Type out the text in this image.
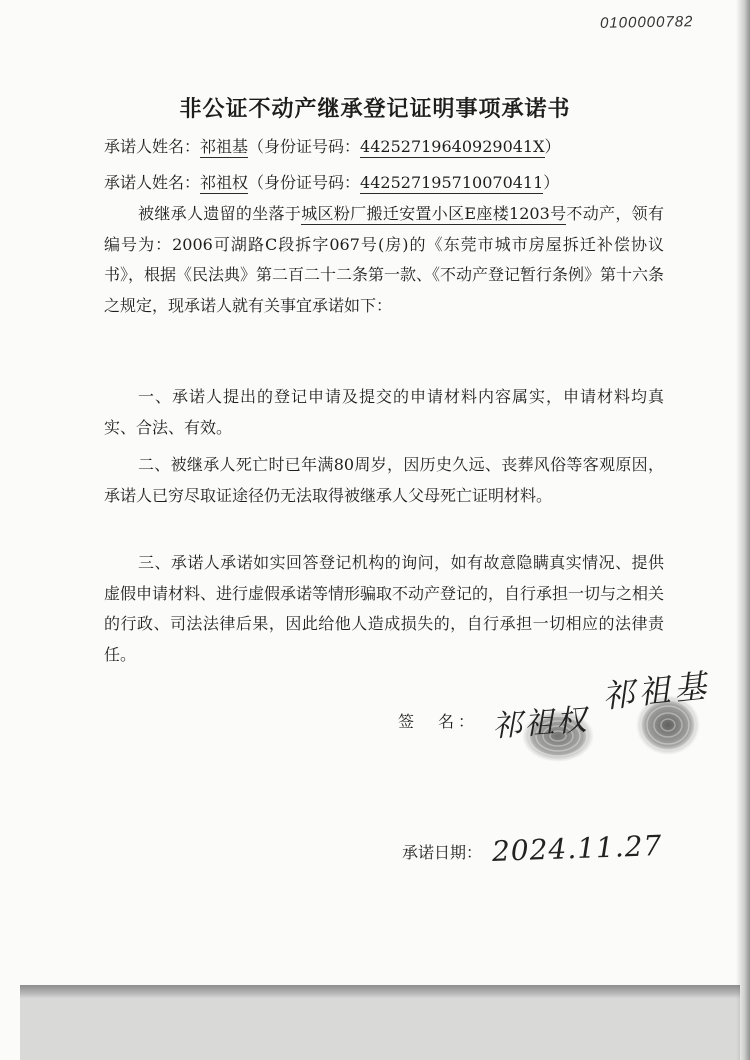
0100000782
非公证不动产继承登记证明事项承诺书
承诺人姓名：祁祖基（身份证号码：44252719640929041X）
承诺人姓名：祁祖权（身份证号码：442527195710070411）
被继承人遗留的坐落于城区粉厂搬迁安置小区E座楼1203号不动产，领有编号为：2006可湖路C段拆字067号(房)的《东莞市城市房屋拆迁补偿协议书》，根据《民法典》第二百二十二条第一款、《不动产登记暂行条例》第十六条之规定，现承诺人就有关事宜承诺如下：
一、承诺人提出的登记申请及提交的申请材料内容属实，申请材料均真实、合法、有效。
二、被继承人死亡时已年满80周岁，因历史久远、丧葬风俗等客观原因，承诺人已穷尽取证途径仍无法取得被继承人父母死亡证明材料。
三、承诺人承诺如实回答登记机构的询问，如有故意隐瞒真实情况、提供虚假申请材料、进行虚假承诺等情形骗取不动产登记的，自行承担一切与之相关的行政、司法法律后果，因此给他人造成损失的，自行承担一切相应的法律责任。
签　名： 祁祖权
祁祖基
承诺日期： 2024.11.27
